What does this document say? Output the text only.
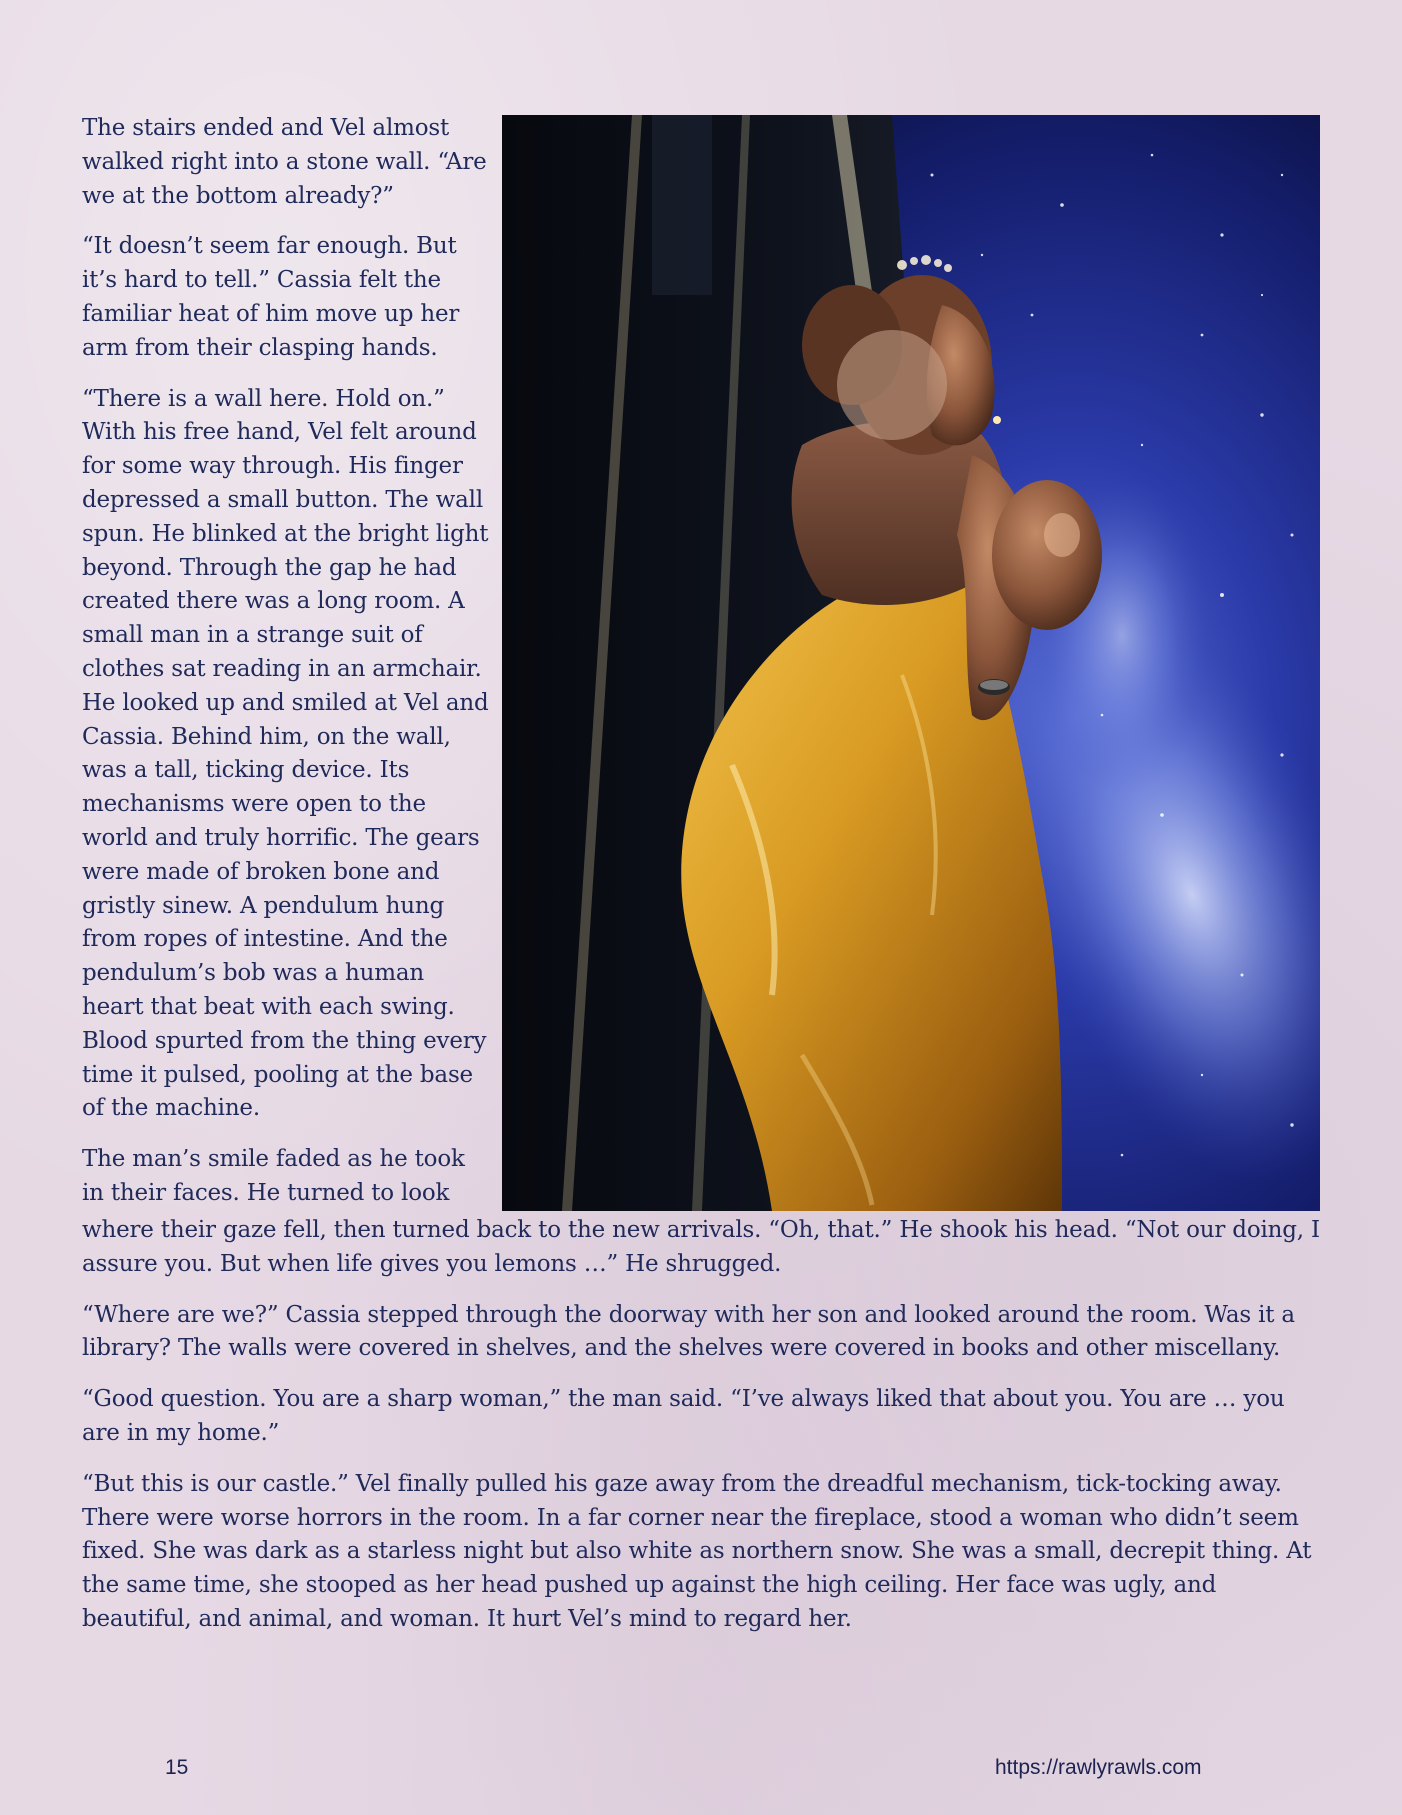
The stairs ended and Vel almost walked right into a stone wall. “Are we at the bottom already?”

“It doesn’t seem far enough. But it’s hard to tell.” Cassia felt the familiar heat of him move up her arm from their clasping hands.

“There is a wall here. Hold on.” With his free hand, Vel felt around for some way through. His finger depressed a small button. The wall spun. He blinked at the bright light beyond. Through the gap he had created there was a long room. A small man in a strange suit of clothes sat reading in an armchair. He looked up and smiled at Vel and Cassia. Behind him, on the wall, was a tall, ticking device. Its mechanisms were open to the world and truly horrific. The gears were made of broken bone and gristly sinew. A pendulum hung from ropes of intestine. And the pendulum’s bob was a human heart that beat with each swing. Blood spurted from the thing every time it pulsed, pooling at the base of the machine.

The man’s smile faded as he took in their faces. He turned to look

where their gaze fell, then turned back to the new arrivals. “Oh, that.” He shook his head. “Not our doing, I assure you. But when life gives you lemons …” He shrugged.

“Where are we?” Cassia stepped through the doorway with her son and looked around the room. Was it a library? The walls were covered in shelves, and the shelves were covered in books and other miscellany.

“Good question. You are a sharp woman,” the man said. “I’ve always liked that about you. You are … you are in my home.”

“But this is our castle.” Vel finally pulled his gaze away from the dreadful mechanism, tick-tocking away. There were worse horrors in the room. In a far corner near the fireplace, stood a woman who didn’t seem fixed. She was dark as a starless night but also white as northern snow. She was a small, decrepit thing. At the same time, she stooped as her head pushed up against the high ceiling. Her face was ugly, and beautiful, and animal, and woman. It hurt Vel’s mind to regard her.

15	https://rawlyrawls.com
